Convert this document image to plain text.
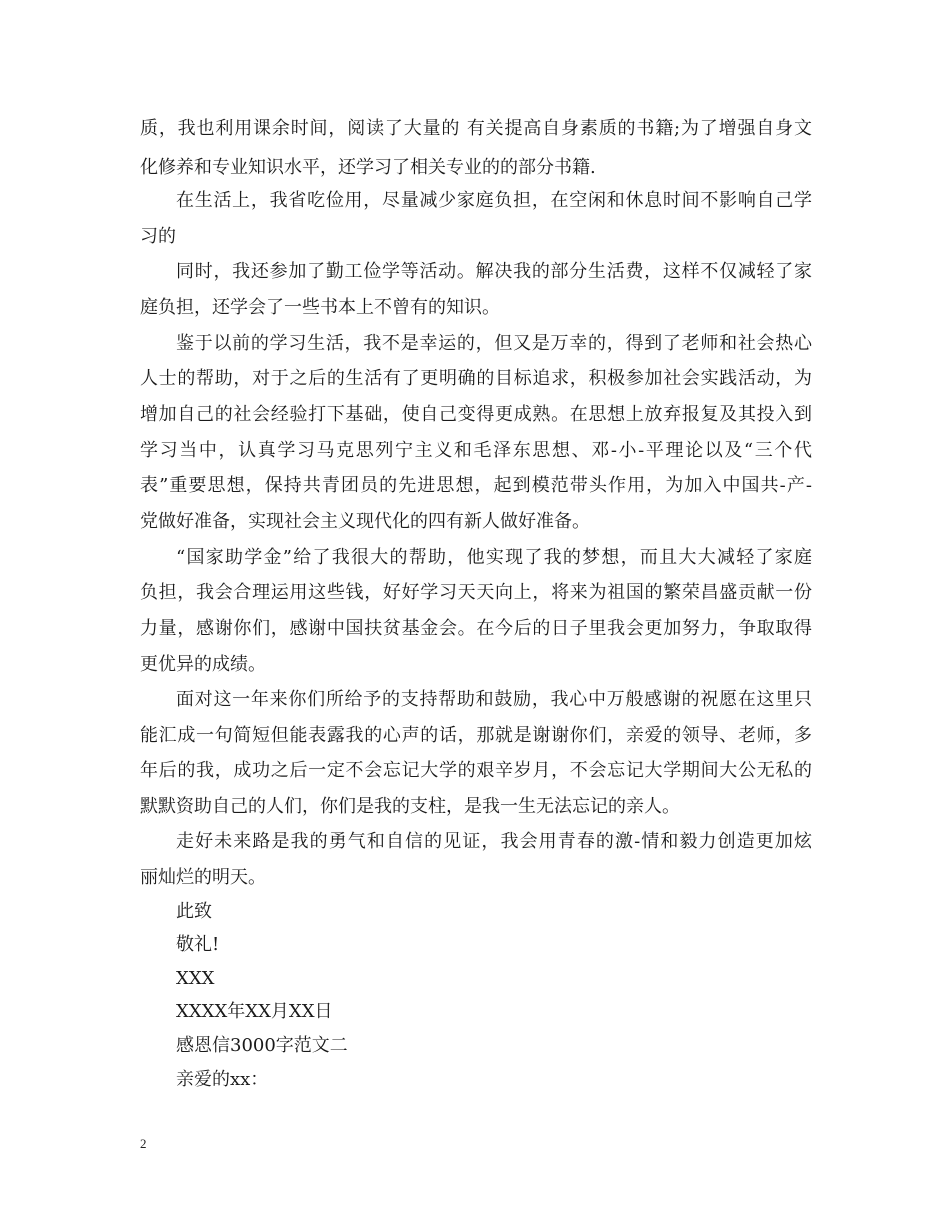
质，我也利用课余时间，阅读了大量的 有关提高自身素质的书籍;为了增强自身文
化修养和专业知识水平，还学习了相关专业的的部分书籍.
在生活上，我省吃俭用，尽量减少家庭负担，在空闲和休息时间不影响自己学
习的
同时，我还参加了勤工俭学等活动。解决我的部分生活费，这样不仅减轻了家
庭负担，还学会了一些书本上不曾有的知识。
鉴于以前的学习生活，我不是幸运的，但又是万幸的，得到了老师和社会热心
人士的帮助，对于之后的生活有了更明确的目标追求，积极参加社会实践活动，为
增加自己的社会经验打下基础，使自己变得更成熟。在思想上放弃报复及其投入到
学习当中，认真学习马克思列宁主义和毛泽东思想、邓-小-平理论以及“三个代
表”重要思想，保持共青团员的先进思想，起到模范带头作用，为加入中国共-产-
党做好准备，实现社会主义现代化的四有新人做好准备。
“国家助学金”给了我很大的帮助，他实现了我的梦想，而且大大减轻了家庭
负担，我会合理运用这些钱，好好学习天天向上，将来为祖国的繁荣昌盛贡献一份
力量，感谢你们，感谢中国扶贫基金会。在今后的日子里我会更加努力，争取取得
更优异的成绩。
面对这一年来你们所给予的支持帮助和鼓励，我心中万般感谢的祝愿在这里只
能汇成一句简短但能表露我的心声的话，那就是谢谢你们，亲爱的领导、老师，多
年后的我，成功之后一定不会忘记大学的艰辛岁月，不会忘记大学期间大公无私的
默默资助自己的人们，你们是我的支柱，是我一生无法忘记的亲人。
走好未来路是我的勇气和自信的见证，我会用青春的激-情和毅力创造更加炫
丽灿烂的明天。
此致
敬礼!
XXX
XXXX年XX月XX日
感恩信3000字范文二
亲爱的xx：
2
